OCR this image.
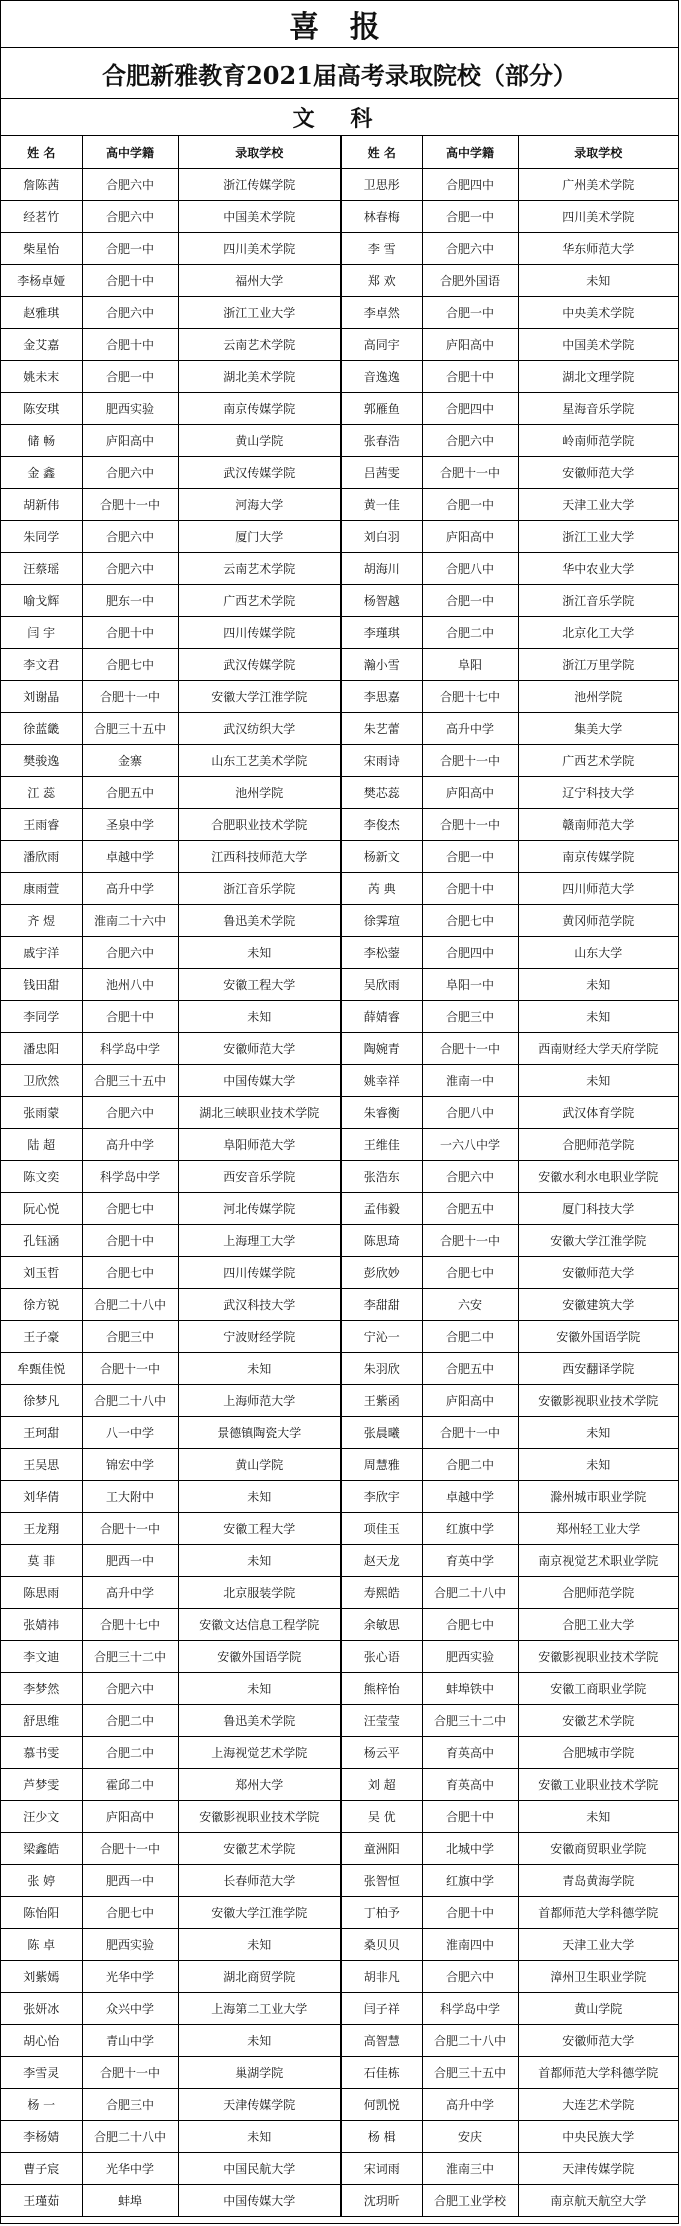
喜 报
合肥新雅教育2021届高考录取院校（部分）
文 科
姓 名	高中学籍	录取学校	姓 名	高中学籍	录取学校
詹陈茜	合肥六中	浙江传媒学院	卫思彤	合肥四中	广州美术学院
经茗竹	合肥六中	中国美术学院	林春梅	合肥一中	四川美术学院
柴星怡	合肥一中	四川美术学院	李 雪	合肥六中	华东师范大学
李杨卓娅	合肥十中	福州大学	郑 欢	合肥外国语	未知
赵雅琪	合肥六中	浙江工业大学	李卓然	合肥一中	中央美术学院
金艾嘉	合肥十中	云南艺术学院	高同宇	庐阳高中	中国美术学院
姚未末	合肥一中	湖北美术学院	音逸逸	合肥十中	湖北文理学院
陈安琪	肥西实验	南京传媒学院	郭雁鱼	合肥四中	星海音乐学院
储 畅	庐阳高中	黄山学院	张春浩	合肥六中	岭南师范学院
金 鑫	合肥六中	武汉传媒学院	吕茜雯	合肥十一中	安徽师范大学
胡新伟	合肥十一中	河海大学	黄一佳	合肥一中	天津工业大学
朱同学	合肥六中	厦门大学	刘白羽	庐阳高中	浙江工业大学
汪蔡瑶	合肥六中	云南艺术学院	胡海川	合肥八中	华中农业大学
喻戈辉	肥东一中	广西艺术学院	杨智越	合肥一中	浙江音乐学院
闫 宇	合肥十中	四川传媒学院	李瑾琪	合肥二中	北京化工大学
李文君	合肥七中	武汉传媒学院	瀚小雪	阜阳	浙江万里学院
刘谢晶	合肥十一中	安徽大学江淮学院	李思嘉	合肥十七中	池州学院
徐蓝畿	合肥三十五中	武汉纺织大学	朱艺蕾	高升中学	集美大学
樊骏逸	金寨	山东工艺美术学院	宋雨诗	合肥十一中	广西艺术学院
江 蕊	合肥五中	池州学院	樊芯蕊	庐阳高中	辽宁科技大学
王雨睿	圣泉中学	合肥职业技术学院	李俊杰	合肥十一中	赣南师范大学
潘欣雨	卓越中学	江西科技师范大学	杨新文	合肥一中	南京传媒学院
康雨萱	高升中学	浙江音乐学院	芮 典	合肥十中	四川师范大学
齐 煜	淮南二十六中	鲁迅美术学院	徐霁瑄	合肥七中	黄冈师范学院
戚宇洋	合肥六中	未知	李松蓥	合肥四中	山东大学
钱田甜	池州八中	安徽工程大学	吴欣雨	阜阳一中	未知
李同学	合肥十中	未知	薛婧睿	合肥三中	未知
潘忠阳	科学岛中学	安徽师范大学	陶婉青	合肥十一中	西南财经大学天府学院
卫欣然	合肥三十五中	中国传媒大学	姚幸祥	淮南一中	未知
张雨蒙	合肥六中	湖北三峡职业技术学院	朱睿衡	合肥八中	武汉体育学院
陆 超	高升中学	阜阳师范大学	王维佳	一六八中学	合肥师范学院
陈文奕	科学岛中学	西安音乐学院	张浩东	合肥六中	安徽水利水电职业学院
阮心悦	合肥七中	河北传媒学院	孟伟毅	合肥五中	厦门科技大学
孔钰涵	合肥十中	上海理工大学	陈思琦	合肥十一中	安徽大学江淮学院
刘玉哲	合肥七中	四川传媒学院	彭欣妙	合肥七中	安徽师范大学
徐方锐	合肥二十八中	武汉科技大学	李甜甜	六安	安徽建筑大学
王子豪	合肥三中	宁波财经学院	宁沁一	合肥二中	安徽外国语学院
牟甄佳悦	合肥十一中	未知	朱羽欣	合肥五中	西安翻译学院
徐梦凡	合肥二十八中	上海师范大学	王紫函	庐阳高中	安徽影视职业技术学院
王珂甜	八一中学	景德镇陶瓷大学	张晨曦	合肥十一中	未知
王吴思	锦宏中学	黄山学院	周慧雅	合肥二中	未知
刘华倩	工大附中	未知	李欣宇	卓越中学	滁州城市职业学院
王龙翔	合肥十一中	安徽工程大学	项佳玉	红旗中学	郑州轻工业大学
莫 菲	肥西一中	未知	赵天龙	育英中学	南京视觉艺术职业学院
陈思雨	高升中学	北京服装学院	寿熙皓	合肥二十八中	合肥师范学院
张婧祎	合肥十七中	安徽文达信息工程学院	余敏思	合肥七中	合肥工业大学
李文迪	合肥三十二中	安徽外国语学院	张心语	肥西实验	安徽影视职业技术学院
李梦然	合肥六中	未知	熊梓怡	蚌埠铁中	安徽工商职业学院
舒思维	合肥二中	鲁迅美术学院	汪莹莹	合肥三十二中	安徽艺术学院
慕书雯	合肥二中	上海视觉艺术学院	杨云平	育英高中	合肥城市学院
芦梦雯	霍邱二中	郑州大学	刘 超	育英高中	安徽工业职业技术学院
汪少文	庐阳高中	安徽影视职业技术学院	吴 优	合肥十中	未知
梁鑫皓	合肥十一中	安徽艺术学院	童洲阳	北城中学	安徽商贸职业学院
张 婷	肥西一中	长春师范大学	张智恒	红旗中学	青岛黄海学院
陈怡阳	合肥七中	安徽大学江淮学院	丁柏予	合肥十中	首都师范大学科德学院
陈 卓	肥西实验	未知	桑贝贝	淮南四中	天津工业大学
刘紫嫣	光华中学	湖北商贸学院	胡非凡	合肥六中	漳州卫生职业学院
张妍冰	众兴中学	上海第二工业大学	闫子祥	科学岛中学	黄山学院
胡心怡	青山中学	未知	高智慧	合肥二十八中	安徽师范大学
李雪灵	合肥十一中	巢湖学院	石佳栋	合肥三十五中	首都师范大学科德学院
杨 一	合肥三中	天津传媒学院	何凯悦	高升中学	大连艺术学院
李杨婧	合肥二十八中	未知	杨 楫	安庆	中央民族大学
曹子宸	光华中学	中国民航大学	宋词雨	淮南三中	天津传媒学院
王瑾茹	蚌埠	中国传媒大学	沈玥昕	合肥工业学校	南京航天航空大学
